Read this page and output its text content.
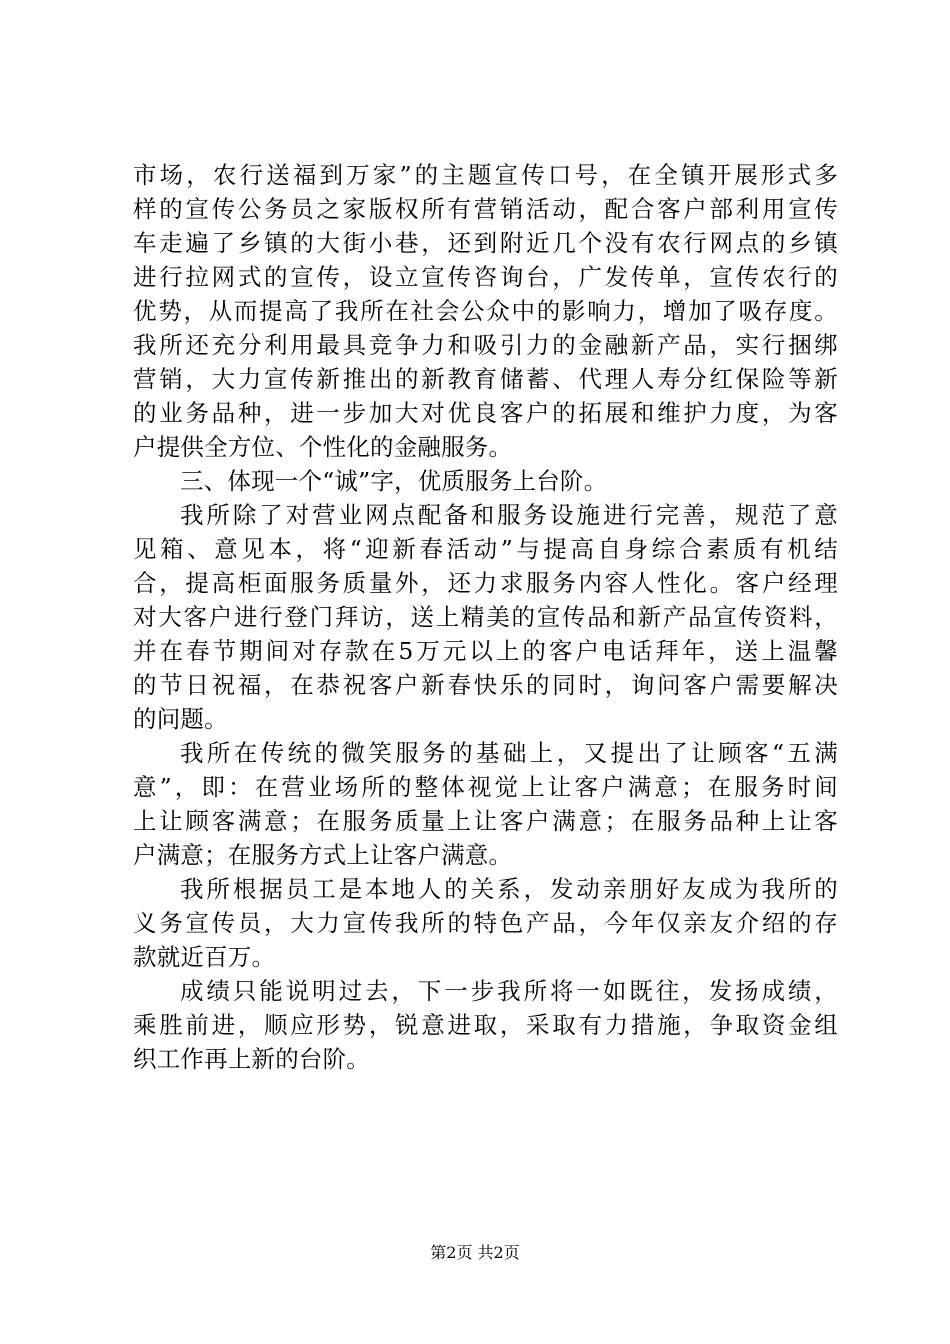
市场，农行送福到万家”的主题宣传口号，在全镇开展形式多
样的宣传公务员之家版权所有营销活动，配合客户部利用宣传
车走遍了乡镇的大街小巷，还到附近几个没有农行网点的乡镇
进行拉网式的宣传，设立宣传咨询台，广发传单，宣传农行的
优势，从而提高了我所在社会公众中的影响力，增加了吸存度。
我所还充分利用最具竞争力和吸引力的金融新产品，实行捆绑
营销，大力宣传新推出的新教育储蓄、代理人寿分红保险等新
的业务品种，进一步加大对优良客户的拓展和维护力度，为客
户提供全方位、个性化的金融服务。
三、体现一个“诚”字，优质服务上台阶。
我所除了对营业网点配备和服务设施进行完善，规范了意
见箱、意见本，将“迎新春活动”与提高自身综合素质有机结
合，提高柜面服务质量外，还力求服务内容人性化。客户经理
对大客户进行登门拜访，送上精美的宣传品和新产品宣传资料，
并在春节期间对存款在5万元以上的客户电话拜年，送上温馨
的节日祝福，在恭祝客户新春快乐的同时，询问客户需要解决
的问题。
我所在传统的微笑服务的基础上，又提出了让顾客“五满
意”，即：在营业场所的整体视觉上让客户满意；在服务时间
上让顾客满意；在服务质量上让客户满意；在服务品种上让客
户满意；在服务方式上让客户满意。
我所根据员工是本地人的关系，发动亲朋好友成为我所的
义务宣传员，大力宣传我所的特色产品，今年仅亲友介绍的存
款就近百万。
成绩只能说明过去，下一步我所将一如既往，发扬成绩，
乘胜前进，顺应形势，锐意进取，采取有力措施，争取资金组
织工作再上新的台阶。
第2页 共2页
